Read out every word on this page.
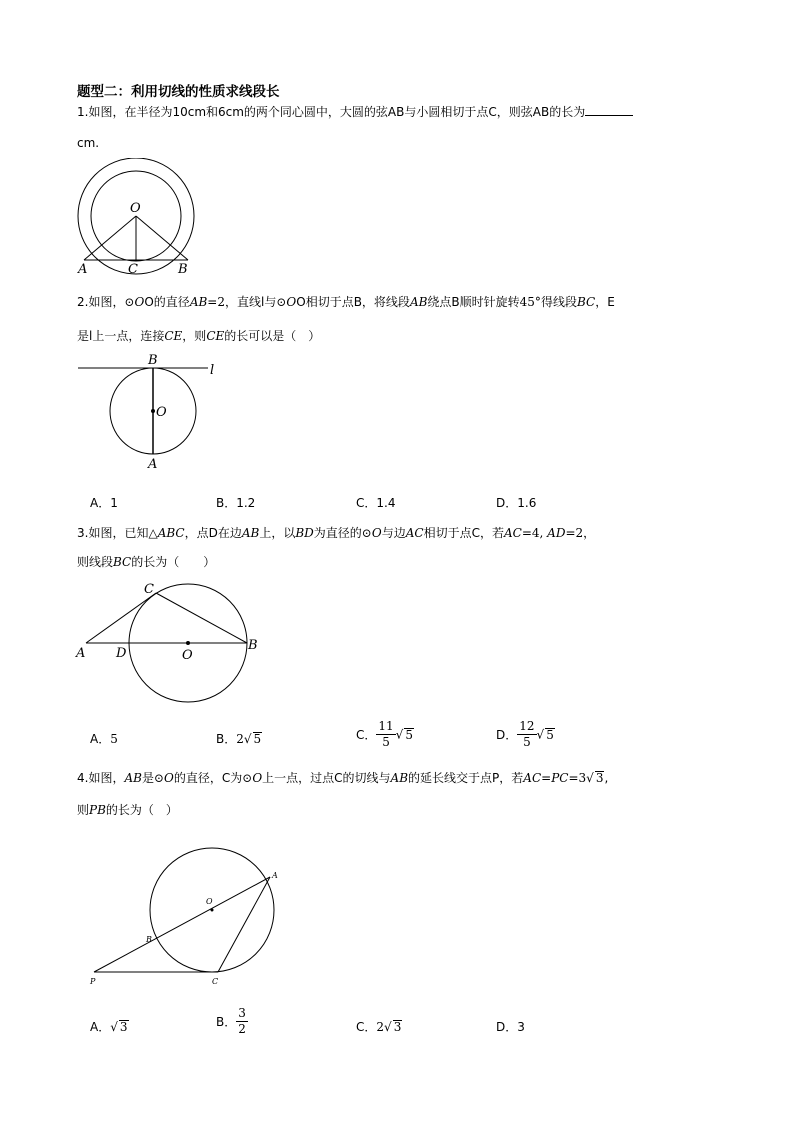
题型二：利用切线的性质求线段长
1.如图，在半径为10cm和6cm的两个同心圆中，大圆的弦AB与小圆相切于点C，则弦AB的长为
cm.
O
A	C	B
2.如图，⊙OO的直径AB=2，直线l与⊙OO相切于点B，将线段AB绕点B顺时针旋转45°得线段BC，E
是l上一点，连接CE，则CE的长可以是（　）
B
l
O
A
A．1	B．1.2	C．1.4	D．1.6
3.如图，已知△ABC，点D在边AB上，以BD为直径的⊙O与边AC相切于点C，若AC=4, AD=2，
则线段BC的长为（　　）
C
A D	O
B
A．5	B．2√ 5	C． $\frac{11}{5}$ √ 5	D． $\frac{12}{5}$ √ 5
4.如图，AB是⊙O的直径，C为⊙O上一点，过点C的切线与AB的延长线交于点P，若AC=PC=3√ 3,
则PB的长为（　）
A
O
B
P	C
A．√ 3	B． $\frac{3}{2}$	C．2√ 3	D．3
